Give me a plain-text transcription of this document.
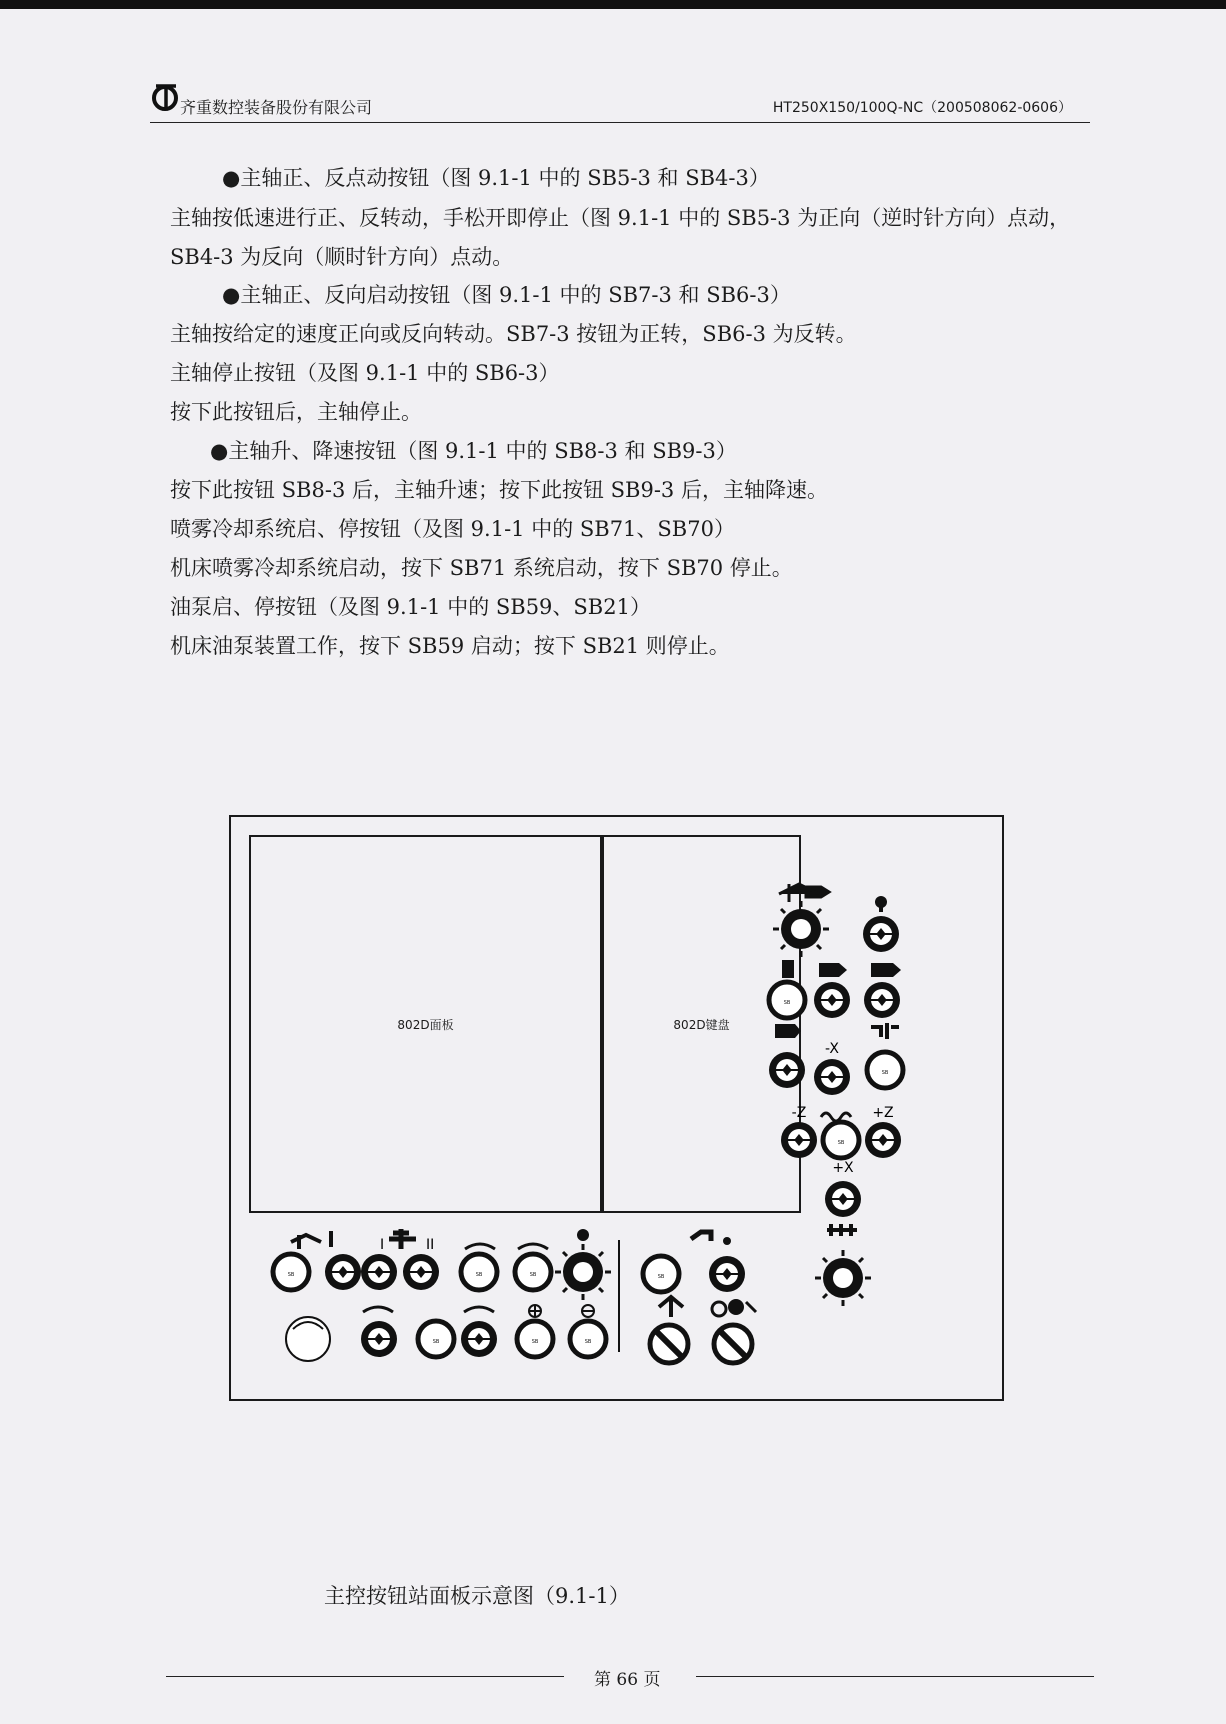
齐重数控装备股份有限公司	HT250X150/100Q-NC（200508062-0606）

●主轴正、反点动按钮（图 9.1-1 中的 SB5-3 和 SB4-3）

主轴按低速进行正、反转动，手松开即停止（图 9.1-1 中的 SB5-3 为正向（逆时针方向）点动，SB4-3 为反向（顺时针方向）点动。

●主轴正、反向启动按钮（图 9.1-1 中的 SB7-3 和 SB6-3）

主轴按给定的速度正向或反向转动。SB7-3 按钮为正转，SB6-3 为反转。

主轴停止按钮（及图 9.1-1 中的 SB6-3）

按下此按钮后，主轴停止。

●主轴升、降速按钮（图 9.1-1 中的 SB8-3 和 SB9-3）

按下此按钮 SB8-3 后，主轴升速；按下此按钮 SB9-3 后，主轴降速。

喷雾冷却系统启、停按钮（及图 9.1-1 中的 SB71、SB70）

机床喷雾冷却系统启动，按下 SB71 系统启动，按下 SB70 停止。

油泵启、停按钮（及图 9.1-1 中的 SB59、SB21）

机床油泵装置工作，按下 SB59 启动；按下 SB21 则停止。

802D面板	802D键盘
SB
-X
-Z	+Z
+X
I	II
主控按钮站面板示意图（9.1-1）
第 66 页
